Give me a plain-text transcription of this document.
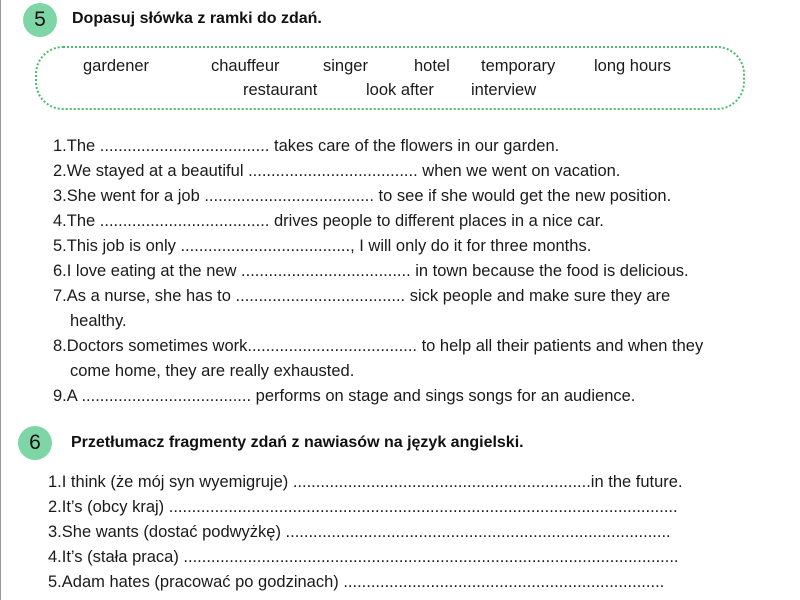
5	Dopasuj słówka z ramki do zdań.
gardener	chauffeur	singer	hotel temporary long hours
restaurant	look after interview
1.The ..................................... takes care of the flowers in our garden.
2.We stayed at a beautiful ..................................... when we went on vacation.
3.She went for a job ..................................... to see if she would get the new position.
4.The ..................................... drives people to different places in a nice car.
5.This job is only ....................................., I will only do it for three months.
6.I love eating at the new ..................................... in town because the food is delicious.
7.As a nurse, she has to ..................................... sick people and make sure they are
healthy.
8.Doctors sometimes work..................................... to help all their patients and when they
come home, they are really exhausted.
9.A ..................................... performs on stage and sings songs for an audience.
6	Przetłumacz fragmenty zdań z nawiasów na język angielski.
1.I think (że mój syn wyemigruje) .................................................................in the future.
2.It’s (obcy kraj) ...............................................................................................................
3.She wants (dostać podwyżkę) ....................................................................................
4.It’s (stała praca) ............................................................................................................
5.Adam hates (pracować po godzinach) ......................................................................
